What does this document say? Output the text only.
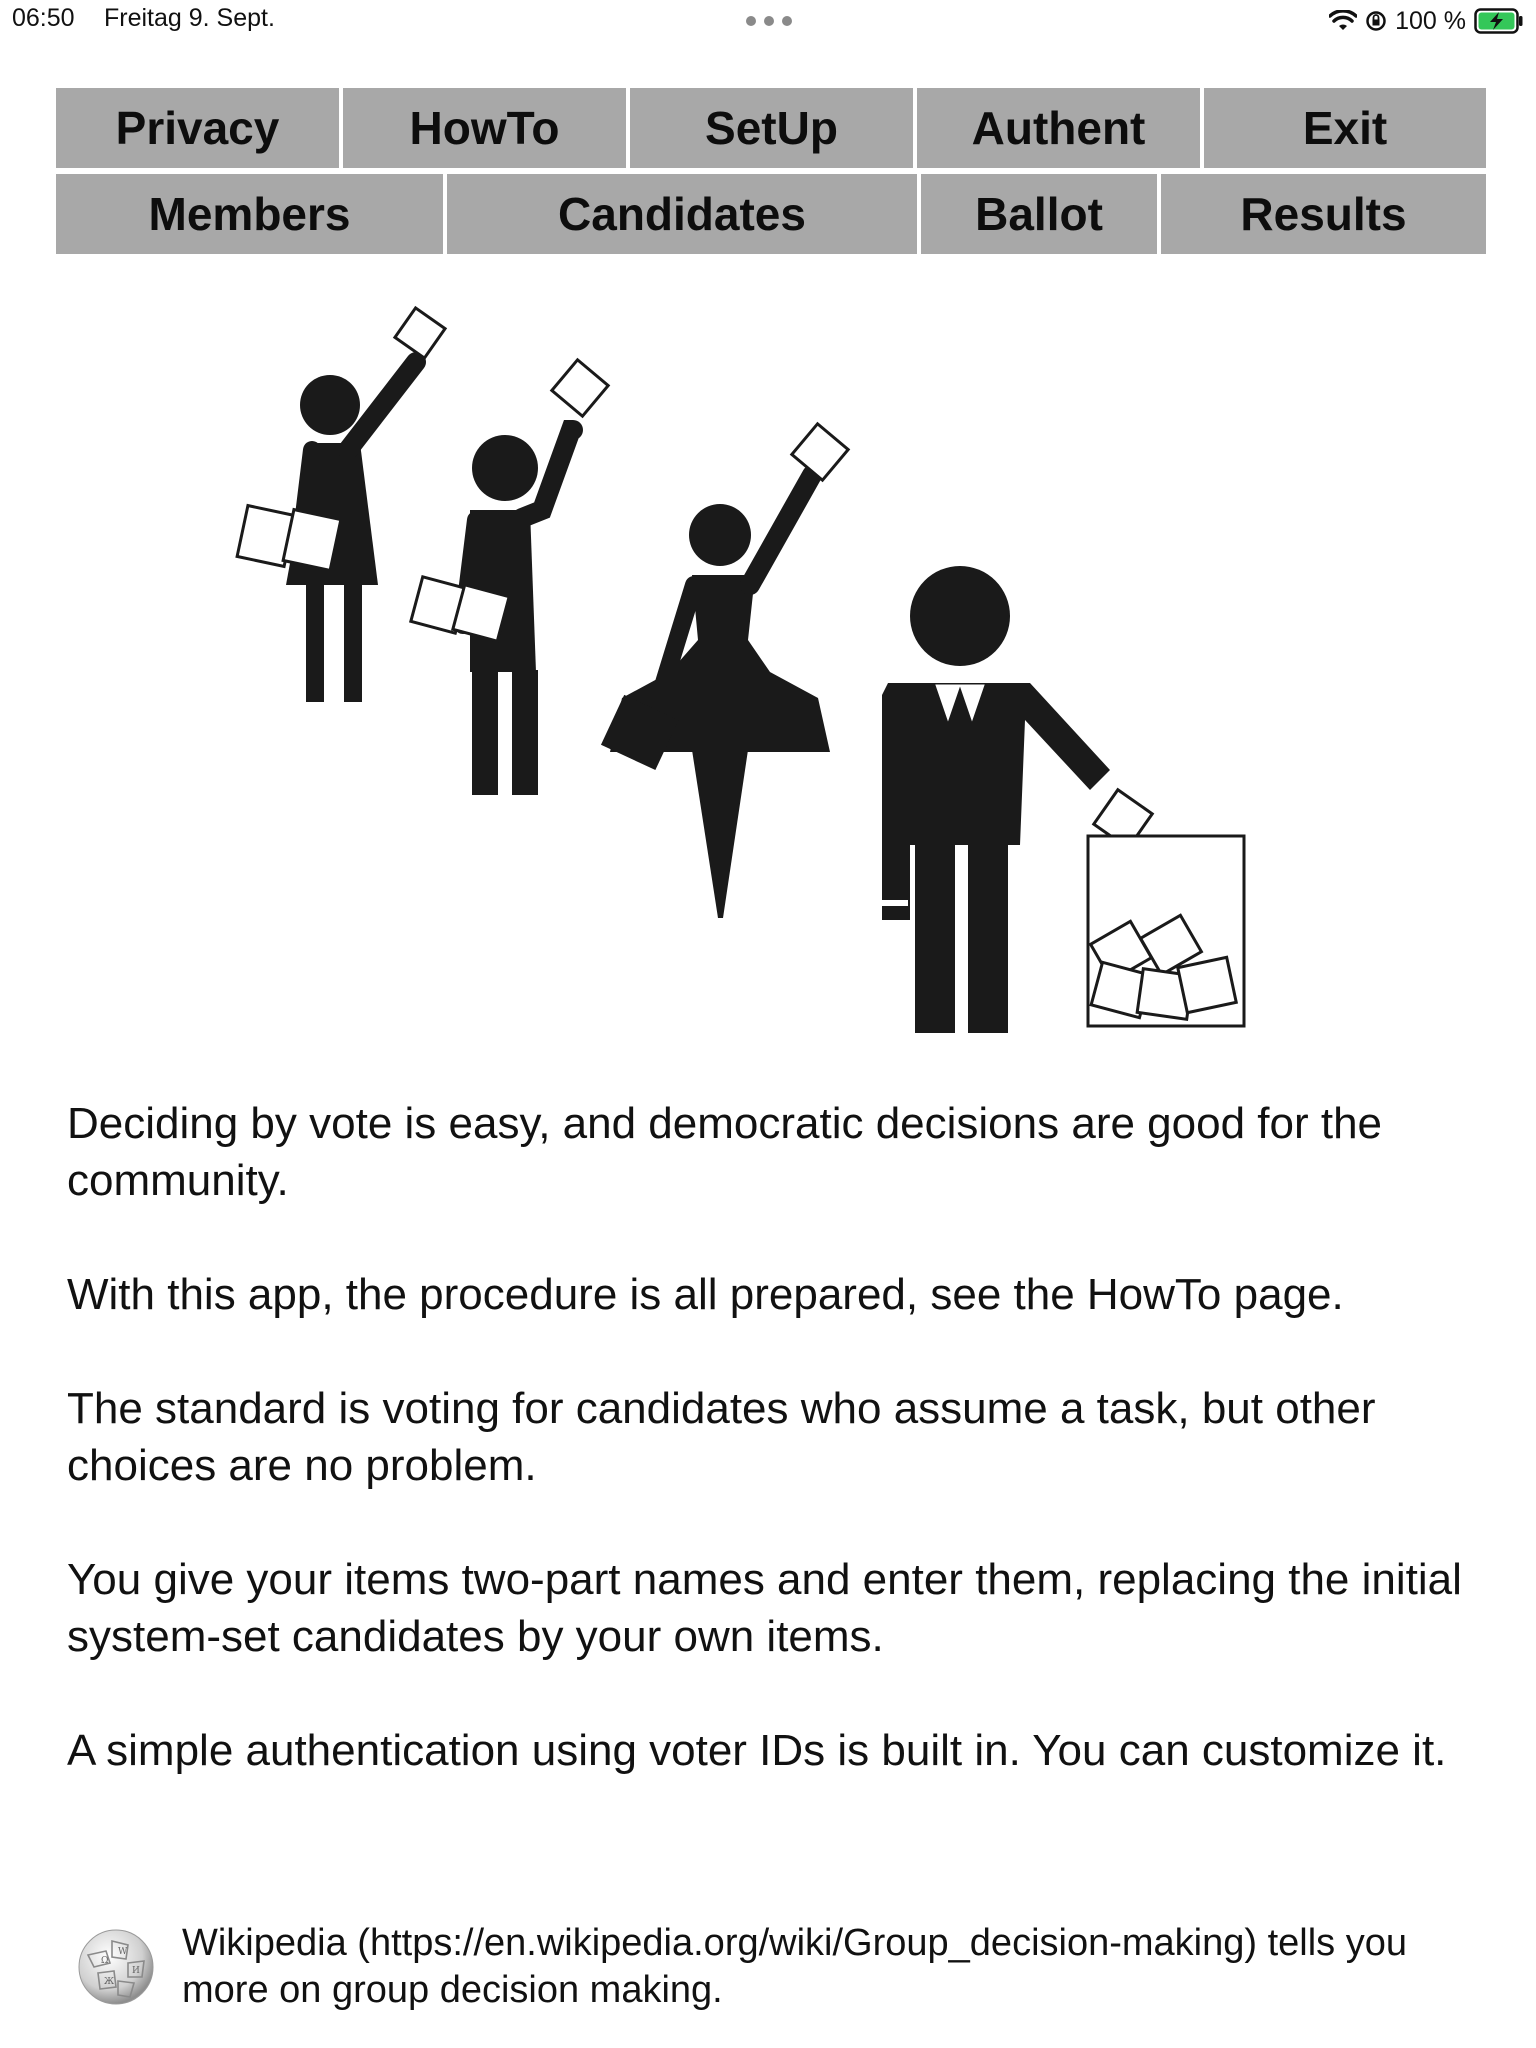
06:50 Freitag 9. Sept.	100 %
Privacy	HowTo	SetUp	Authent	Exit
Members	Candidates	Ballot	Results

Deciding by vote is easy, and democratic decisions are good for the community.

With this app, the procedure is all prepared, see the HowTo page.

The standard is voting for candidates who assume a task, but other choices are no problem.

You give your items two-part names and enter them, replacing the initial system-set candidates by your own items.

A simple authentication using voter IDs is built in. You can customize it.

Ω
W
И
Ж
Wikipedia (https://en.wikipedia.org/wiki/Group_decision-making) tells you more on group decision making.
